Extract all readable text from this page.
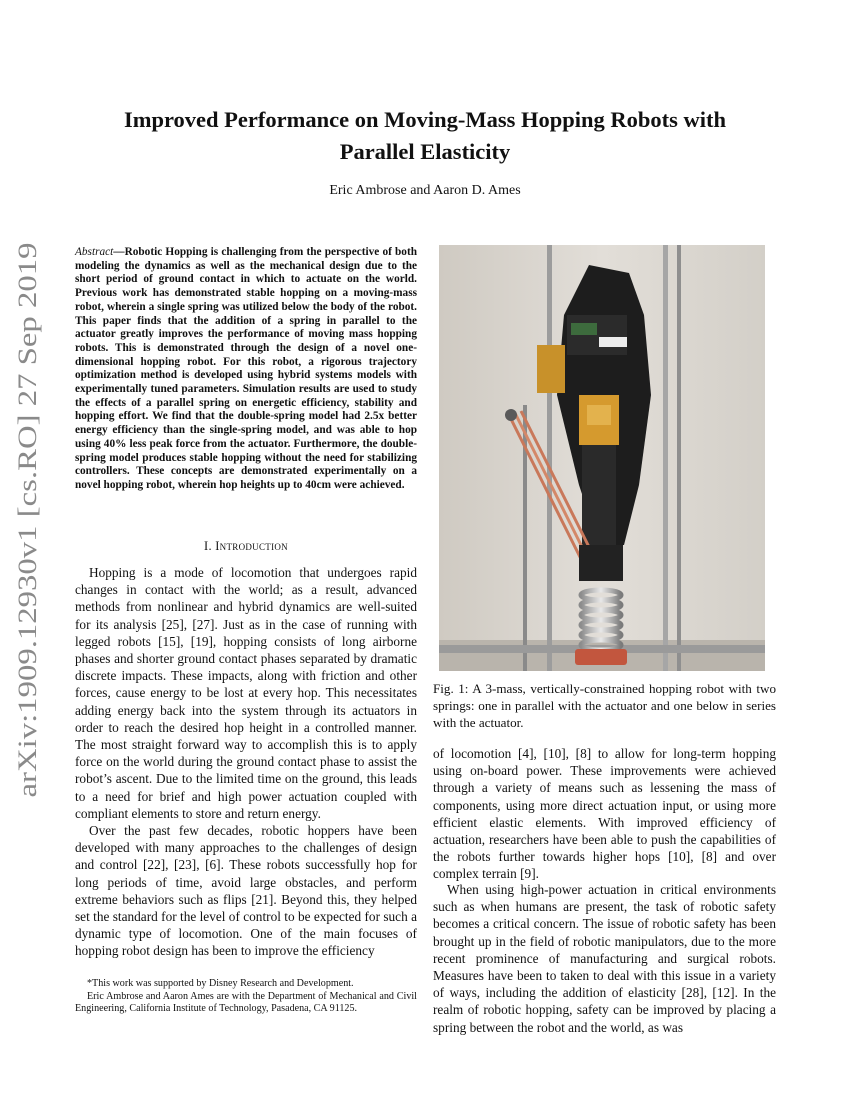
arXiv:1909.12930v1 [cs.RO] 27 Sep 2019
Improved Performance on Moving-Mass Hopping Robots with
Parallel Elasticity
Eric Ambrose and Aaron D. Ames
Abstract—Robotic Hopping is challenging from the perspective of both modeling the dynamics as well as the mechanical design due to the short period of ground contact in which to actuate on the world. Previous work has demonstrated stable hopping on a moving-mass robot, wherein a single spring was utilized below the body of the robot. This paper finds that the addition of a spring in parallel to the actuator greatly improves the performance of moving mass hopping robots. This is demonstrated through the design of a novel one-dimensional hopping robot. For this robot, a rigorous trajectory optimization method is developed using hybrid systems models with experimentally tuned parameters. Simulation results are used to study the effects of a parallel spring on energetic efficiency, stability and hopping effort. We find that the double-spring model had 2.5x better energy efficiency than the single-spring model, and was able to hop using 40% less peak force from the actuator. Furthermore, the double-spring model produces stable hopping without the need for stabilizing controllers. These concepts are demonstrated experimentally on a novel hopping robot, wherein hop heights up to 40cm were achieved.
I. Introduction

Hopping is a mode of locomotion that undergoes rapid changes in contact with the world; as a result, advanced methods from nonlinear and hybrid dynamics are well-suited for its analysis [25], [27]. Just as in the case of running with legged robots [15], [19], hopping consists of long airborne phases and shorter ground contact phases separated by dramatic discrete impacts. These impacts, along with friction and other forces, cause energy to be lost at every hop. This necessitates adding energy back into the system through its actuators in order to reach the desired hop height in a controlled manner. The most straight forward way to accomplish this is to apply force on the world during the ground contact phase to assist the robot’s ascent. Due to the limited time on the ground, this leads to a need for brief and high power actuation coupled with compliant elements to store and return energy.

Over the past few decades, robotic hoppers have been developed with many approaches to the challenges of design and control [22], [23], [6]. These robots successfully hop for long periods of time, avoid large obstacles, and perform extreme behaviors such as flips [21]. Beyond this, they helped set the standard for the level of control to be expected for such a dynamic type of locomotion. One of the main focuses of hopping robot design has been to improve the efficiency

*This work was supported by Disney Research and Development.

Eric Ambrose and Aaron Ames are with the Department of Mechanical and Civil Engineering, California Institute of Technology, Pasadena, CA 91125.

Fig. 1: A 3-mass, vertically-constrained hopping robot with two springs: one in parallel with the actuator and one below in series with the actuator.

of locomotion [4], [10], [8] to allow for long-term hopping using on-board power. These improvements were achieved through a variety of means such as lessening the mass of components, using more direct actuation input, or using more efficient elastic elements. With improved efficiency of actuation, researchers have been able to push the capabilities of the robots further towards higher hops [10], [8] and over complex terrain [9].

When using high-power actuation in critical environments such as when humans are present, the task of robotic safety becomes a critical concern. The issue of robotic safety has been brought up in the field of robotic manipulators, due to the more recent prominence of manufacturing and surgical robots. Measures have been to taken to deal with this issue in a variety of ways, including the addition of elasticity [28], [12]. In the realm of robotic hopping, safety can be improved by placing a spring between the robot and the world, as was
